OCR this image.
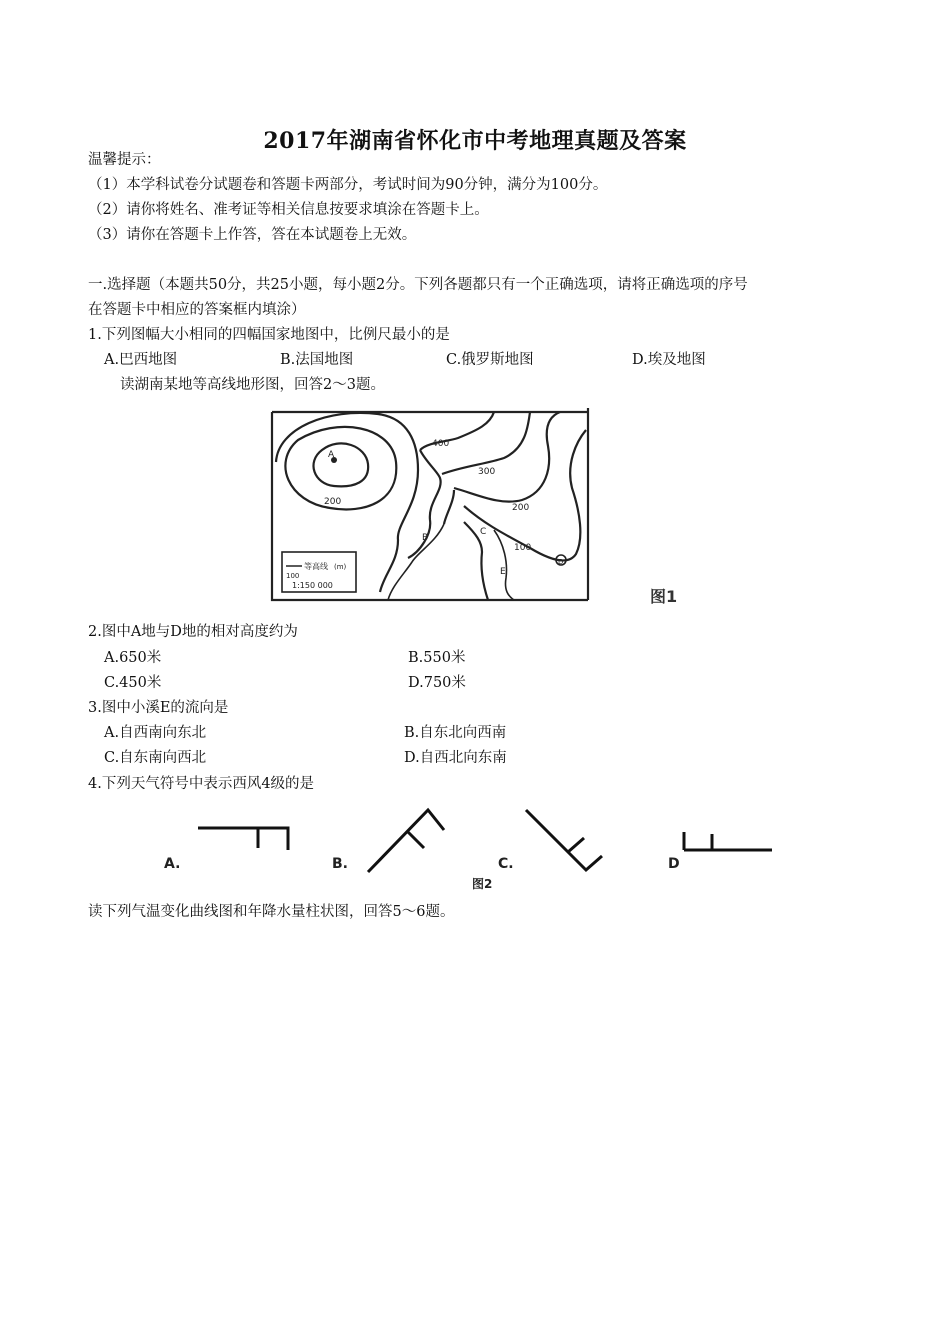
2017年湖南省怀化市中考地理真题及答案
温馨提示：
（1）本学科试卷分试题卷和答题卡两部分，考试时间为90分钟，满分为100分。
（2）请你将姓名、准考证等相关信息按要求填涂在答题卡上。
（3）请你在答题卡上作答，答在本试题卷上无效。
一.选择题（本题共50分，共25小题，每小题2分。下列各题都只有一个正确选项，请将正确选项的序号
在答题卡中相应的答案框内填涂）
1.下列图幅大小相同的四幅国家地图中，比例尺最小的是
A.巴西地图	B.法国地图	C.俄罗斯地图	D.埃及地图
读湖南某地等高线地形图，回答2～3题。
400
300
200
100
200
A
B
C
D
E
等高线 (m)
100
1:150 000
图1
2.图中A地与D地的相对高度约为
A.650米	B.550米
C.450米	D.750米
3.图中小溪E的流向是
A.自西南向东北	B.自东北向西南
C.自东南向西北	D.自西北向东南
4.下列天气符号中表示西风4级的是
A.	B.	C.	D
图2
读下列气温变化曲线图和年降水量柱状图，回答5～6题。
